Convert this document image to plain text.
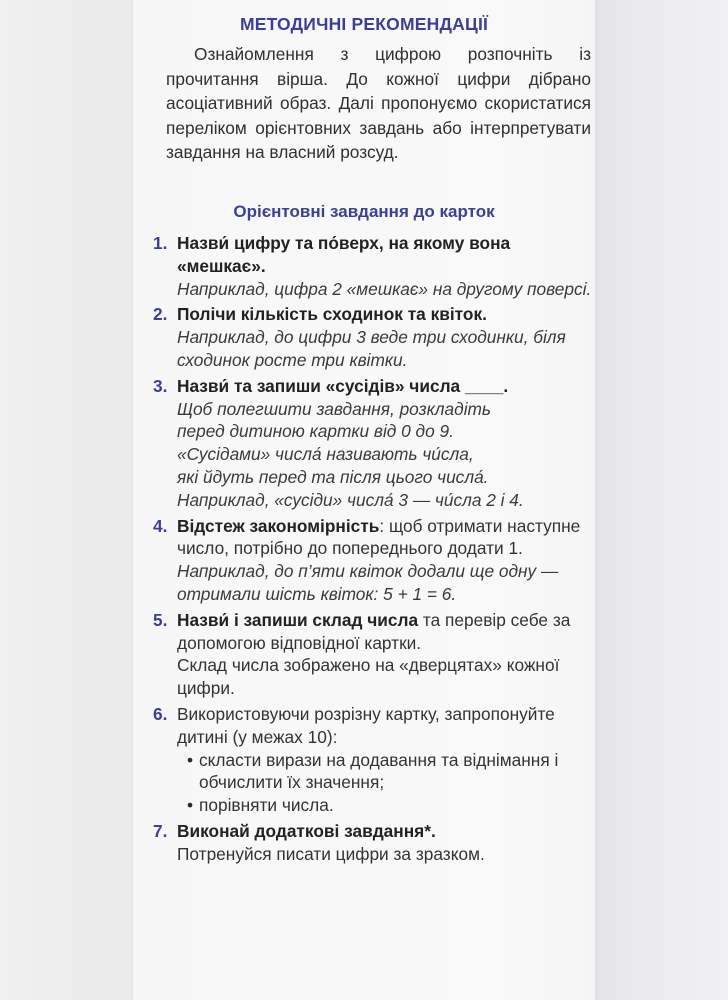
МЕТОДИЧНІ РЕКОМЕНДАЦІЇ
Ознайомлення з цифрою розпочніть із прочитання вірша. До кожної цифри дібрано асоціативний образ. Далі пропонуємо скористатися переліком орієнтовних завдань або інтерпретувати завдання на власний розсуд.
Орієнтовні завдання до карток
1. Назви́ цифру та по́верх, на якому вона «мешкає».
Наприклад, цифра 2 «мешкає» на другому поверсі.
2. Полічи кількість сходинок та квіток.
Наприклад, до цифри 3 веде три сходинки, біля сходинок росте три квітки.
3. Назви́ та запиши «сусідів» числа ____.
Щоб полегшити завдання, розкладіть
перед дитиною картки від 0 до 9.
«Сусідами» числа́ називають чи́сла,
які йдуть перед та після цього числа́.
Наприклад, «сусіди» числа́ 3 — чи́сла 2 і 4.
4. Відстеж закономірність: щоб отримати наступне число, потрібно до попереднього додати 1.
Наприклад, до п’яти квіток додали ще одну — отримали шість квіток: 5 + 1 = 6.
5. Назви́ і запиши склад числа та перевір себе за допомогою відповідної картки.
Склад числа зображено на «дверцятах» кожної цифри.
6. Використовуючи розрізну картку, запропонуйте дитині (у межах 10):
• скласти вирази на додавання та віднімання і обчислити їх значення;
• порівняти числа.
7. Виконай додаткові завдання*.
Потренуйся писати цифри за зразком.
